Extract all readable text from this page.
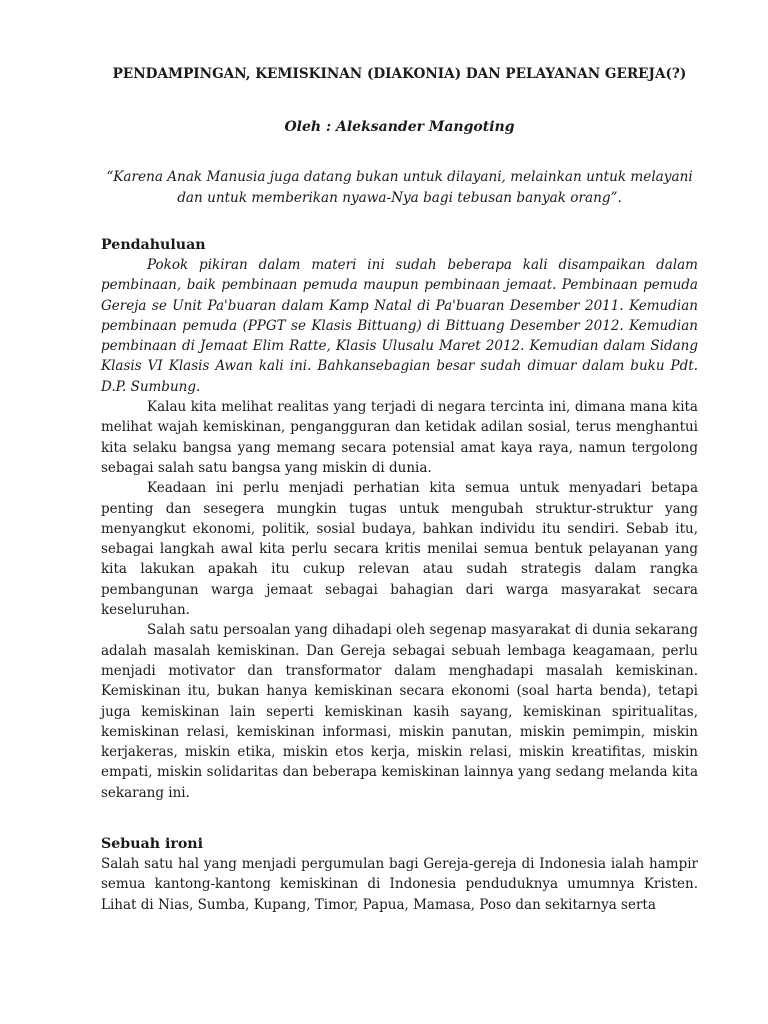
PENDAMPINGAN, KEMISKINAN (DIAKONIA) DAN PELAYANAN GEREJA(?)

Oleh : Aleksander Mangoting

“Karena Anak Manusia juga datang bukan untuk dilayani, melainkan untuk melayani dan untuk memberikan nyawa-Nya bagi tebusan banyak orang”.

Pendahuluan

Pokok pikiran dalam materi ini sudah beberapa kali disampaikan dalam pembinaan, baik pembinaan pemuda maupun pembinaan jemaat. Pembinaan pemuda Gereja se Unit Pa'buaran dalam Kamp Natal di Pa'buaran Desember 2011. Kemudian pembinaan pemuda (PPGT se Klasis Bittuang) di Bittuang Desember 2012. Kemudian pembinaan di Jemaat Elim Ratte, Klasis Ulusalu Maret 2012. Kemudian dalam Sidang Klasis VI Klasis Awan kali ini. Bahkansebagian besar sudah dimuar dalam buku Pdt. D.P. Sumbung.

Kalau kita melihat realitas yang terjadi di negara tercinta ini, dimana mana kita melihat wajah kemiskinan, pengangguran dan ketidak adilan sosial, terus menghantui kita selaku bangsa yang memang secara potensial amat kaya raya, namun tergolong sebagai salah satu bangsa yang miskin di dunia.

Keadaan ini perlu menjadi perhatian kita semua untuk menyadari betapa penting dan sesegera mungkin tugas untuk mengubah struktur-struktur yang menyangkut ekonomi, politik, sosial budaya, bahkan individu itu sendiri. Sebab itu, sebagai langkah awal kita perlu secara kritis menilai semua bentuk pelayanan yang kita lakukan apakah itu cukup relevan atau sudah strategis dalam rangka pembangunan warga jemaat sebagai bahagian dari warga masyarakat secara keseluruhan.

Salah satu persoalan yang dihadapi oleh segenap masyarakat di dunia sekarang adalah masalah kemiskinan. Dan Gereja sebagai sebuah lembaga keagamaan, perlu menjadi motivator dan transformator dalam menghadapi masalah kemiskinan. Kemiskinan itu, bukan hanya kemiskinan secara ekonomi (soal harta benda), tetapi juga kemiskinan lain seperti kemiskinan kasih sayang, kemiskinan spiritualitas, kemiskinan relasi, kemiskinan informasi, miskin panutan, miskin pemimpin, miskin kerjakeras, miskin etika, miskin etos kerja, miskin relasi, miskin kreatifitas, miskin empati, miskin solidaritas dan beberapa kemiskinan lainnya yang sedang melanda kita sekarang ini.

Sebuah ironi

Salah satu hal yang menjadi pergumulan bagi Gereja-gereja di Indonesia ialah hampir semua kantong-kantong kemiskinan di Indonesia penduduknya umumnya Kristen. Lihat di Nias, Sumba, Kupang, Timor, Papua, Mamasa, Poso dan sekitarnya serta
